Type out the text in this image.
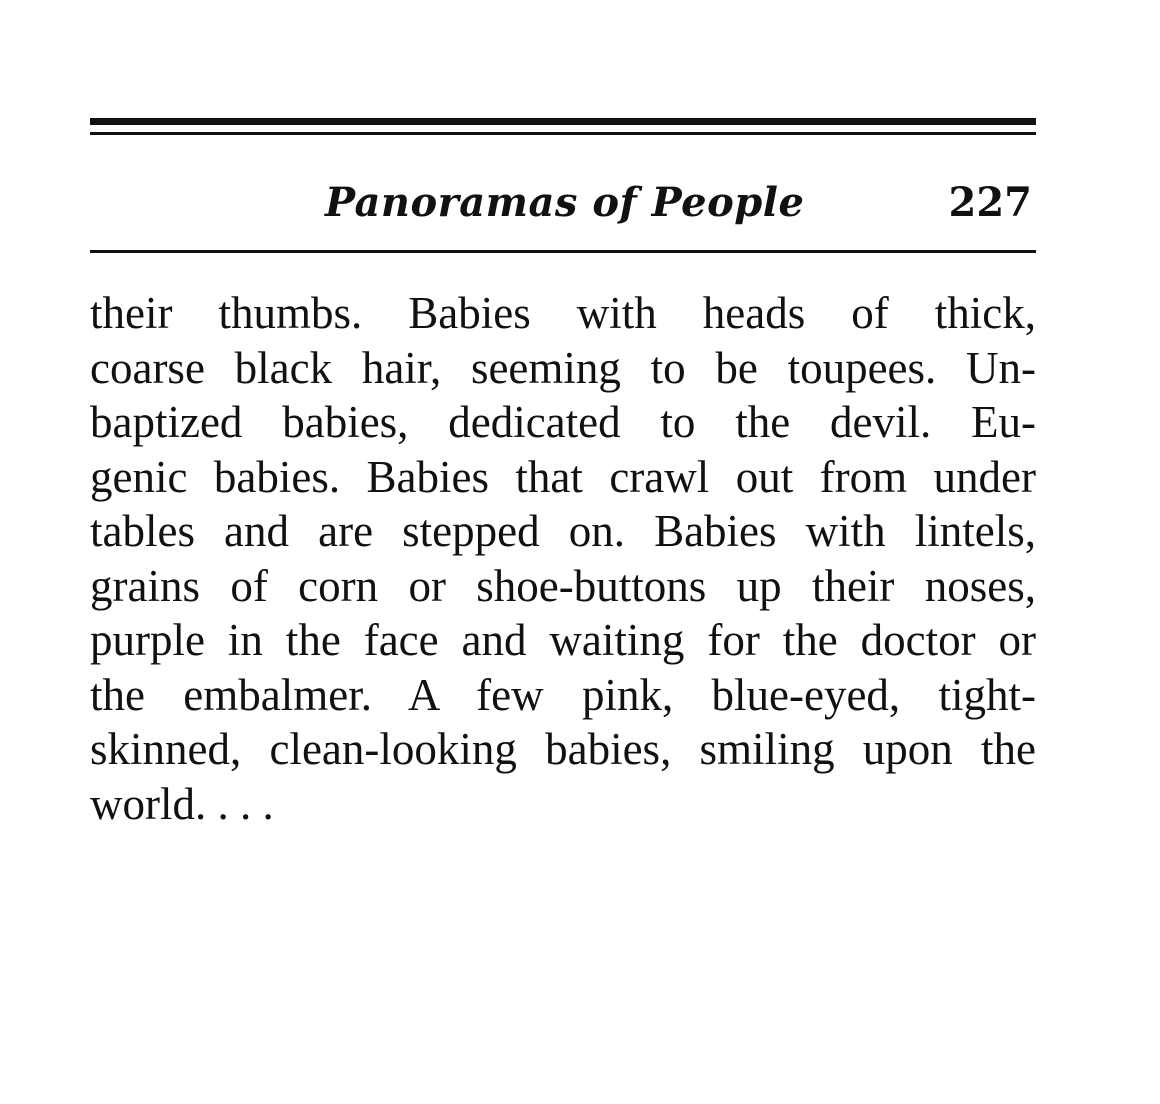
Panoramas of People	227
their thumbs. Babies with heads of thick,
coarse black hair, seeming to be toupees. Un-
baptized babies, dedicated to the devil. Eu-
genic babies. Babies that crawl out from under
tables and are stepped on. Babies with lintels,
grains of corn or shoe-buttons up their noses,
purple in the face and waiting for the doctor or
the embalmer. A few pink, blue-eyed, tight-
skinned, clean-looking babies, smiling upon the
world. . . .
